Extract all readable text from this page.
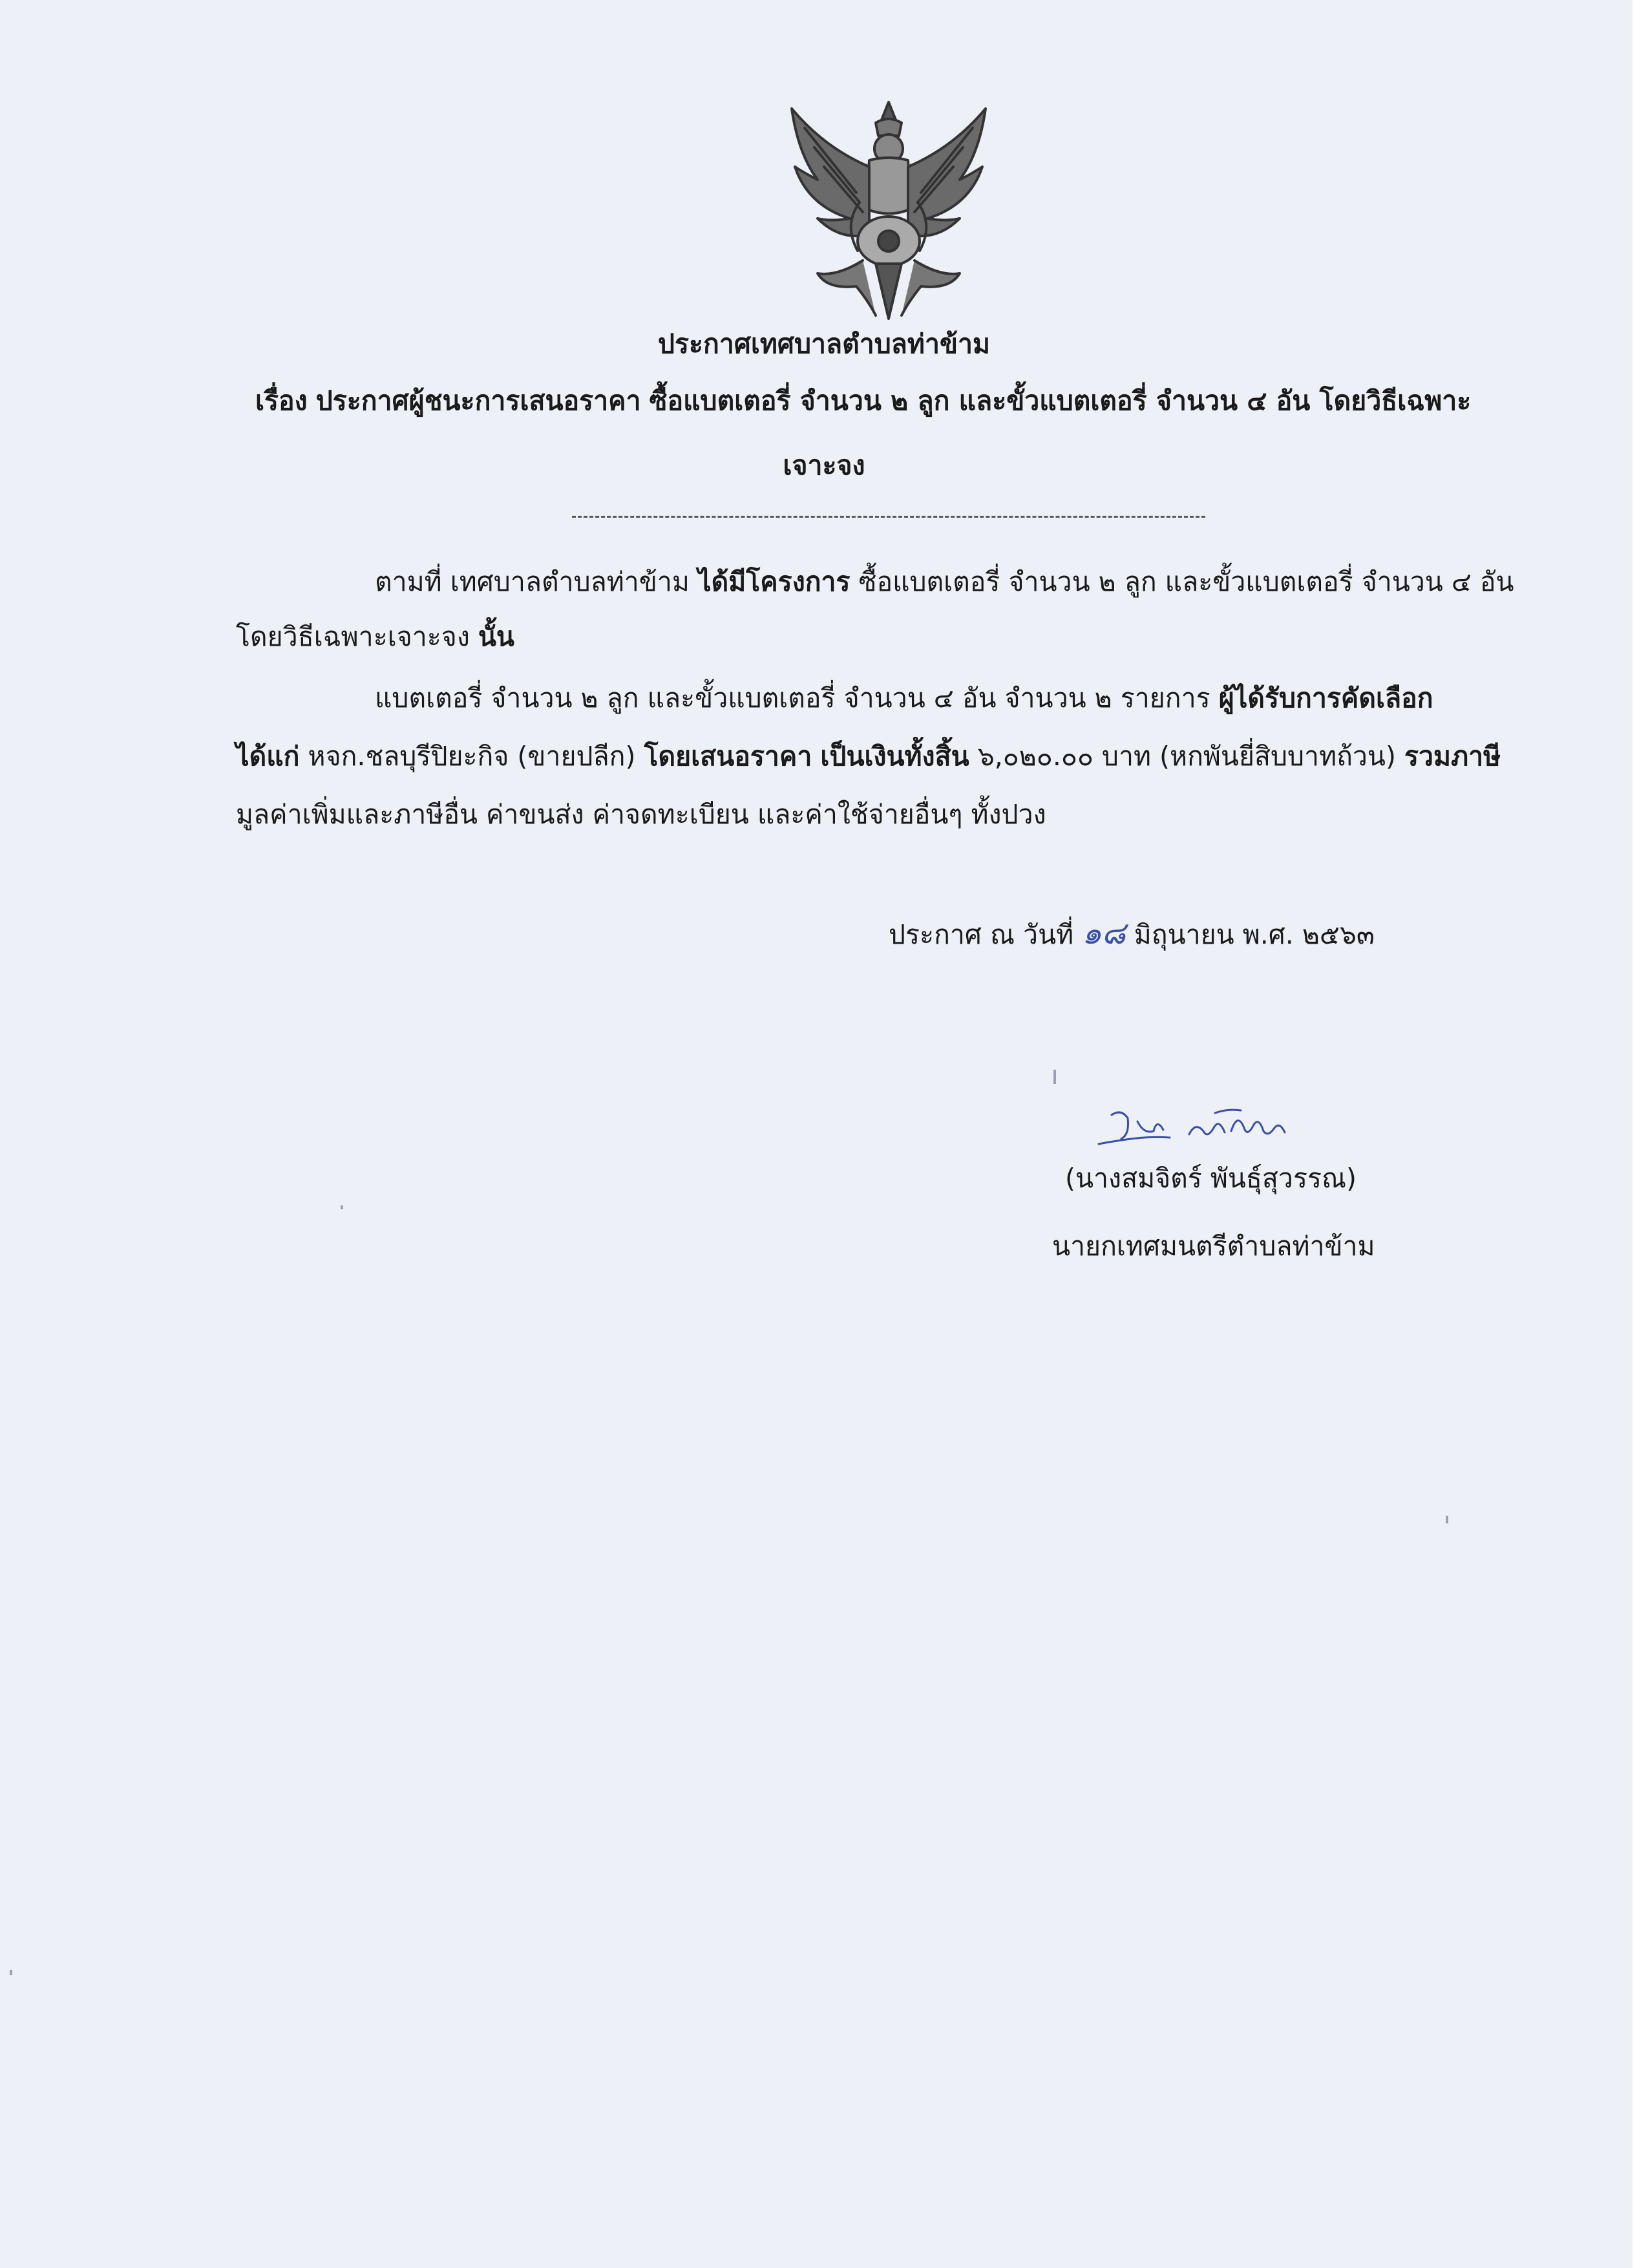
ประกาศเทศบาลตำบลท่าข้าม
เรื่อง ประกาศผู้ชนะการเสนอราคา ซื้อแบตเตอรี่ จำนวน ๒ ลูก และขั้วแบตเตอรี่ จำนวน ๔ อัน โดยวิธีเฉพาะ
เจาะจง
ตามที่ เทศบาลตำบลท่าข้าม ได้มีโครงการ ซื้อแบตเตอรี่ จำนวน ๒ ลูก และขั้วแบตเตอรี่ จำนวน ๔ อัน
โดยวิธีเฉพาะเจาะจง นั้น
แบตเตอรี่ จำนวน ๒ ลูก และขั้วแบตเตอรี่ จำนวน ๔ อัน จำนวน ๒ รายการ ผู้ได้รับการคัดเลือก
ได้แก่ หจก.ชลบุรีปิยะกิจ (ขายปลีก) โดยเสนอราคา เป็นเงินทั้งสิ้น ๖,๐๒๐.๐๐ บาท (หกพันยี่สิบบาทถ้วน) รวมภาษี
มูลค่าเพิ่มและภาษีอื่น ค่าขนส่ง ค่าจดทะเบียน และค่าใช้จ่ายอื่นๆ ทั้งปวง
ประกาศ ณ วันที่ ๑๘ มิถุนายน พ.ศ. ๒๕๖๓
(นางสมจิตร์ พันธุ์สุวรรณ)
นายกเทศมนตรีตำบลท่าข้าม
